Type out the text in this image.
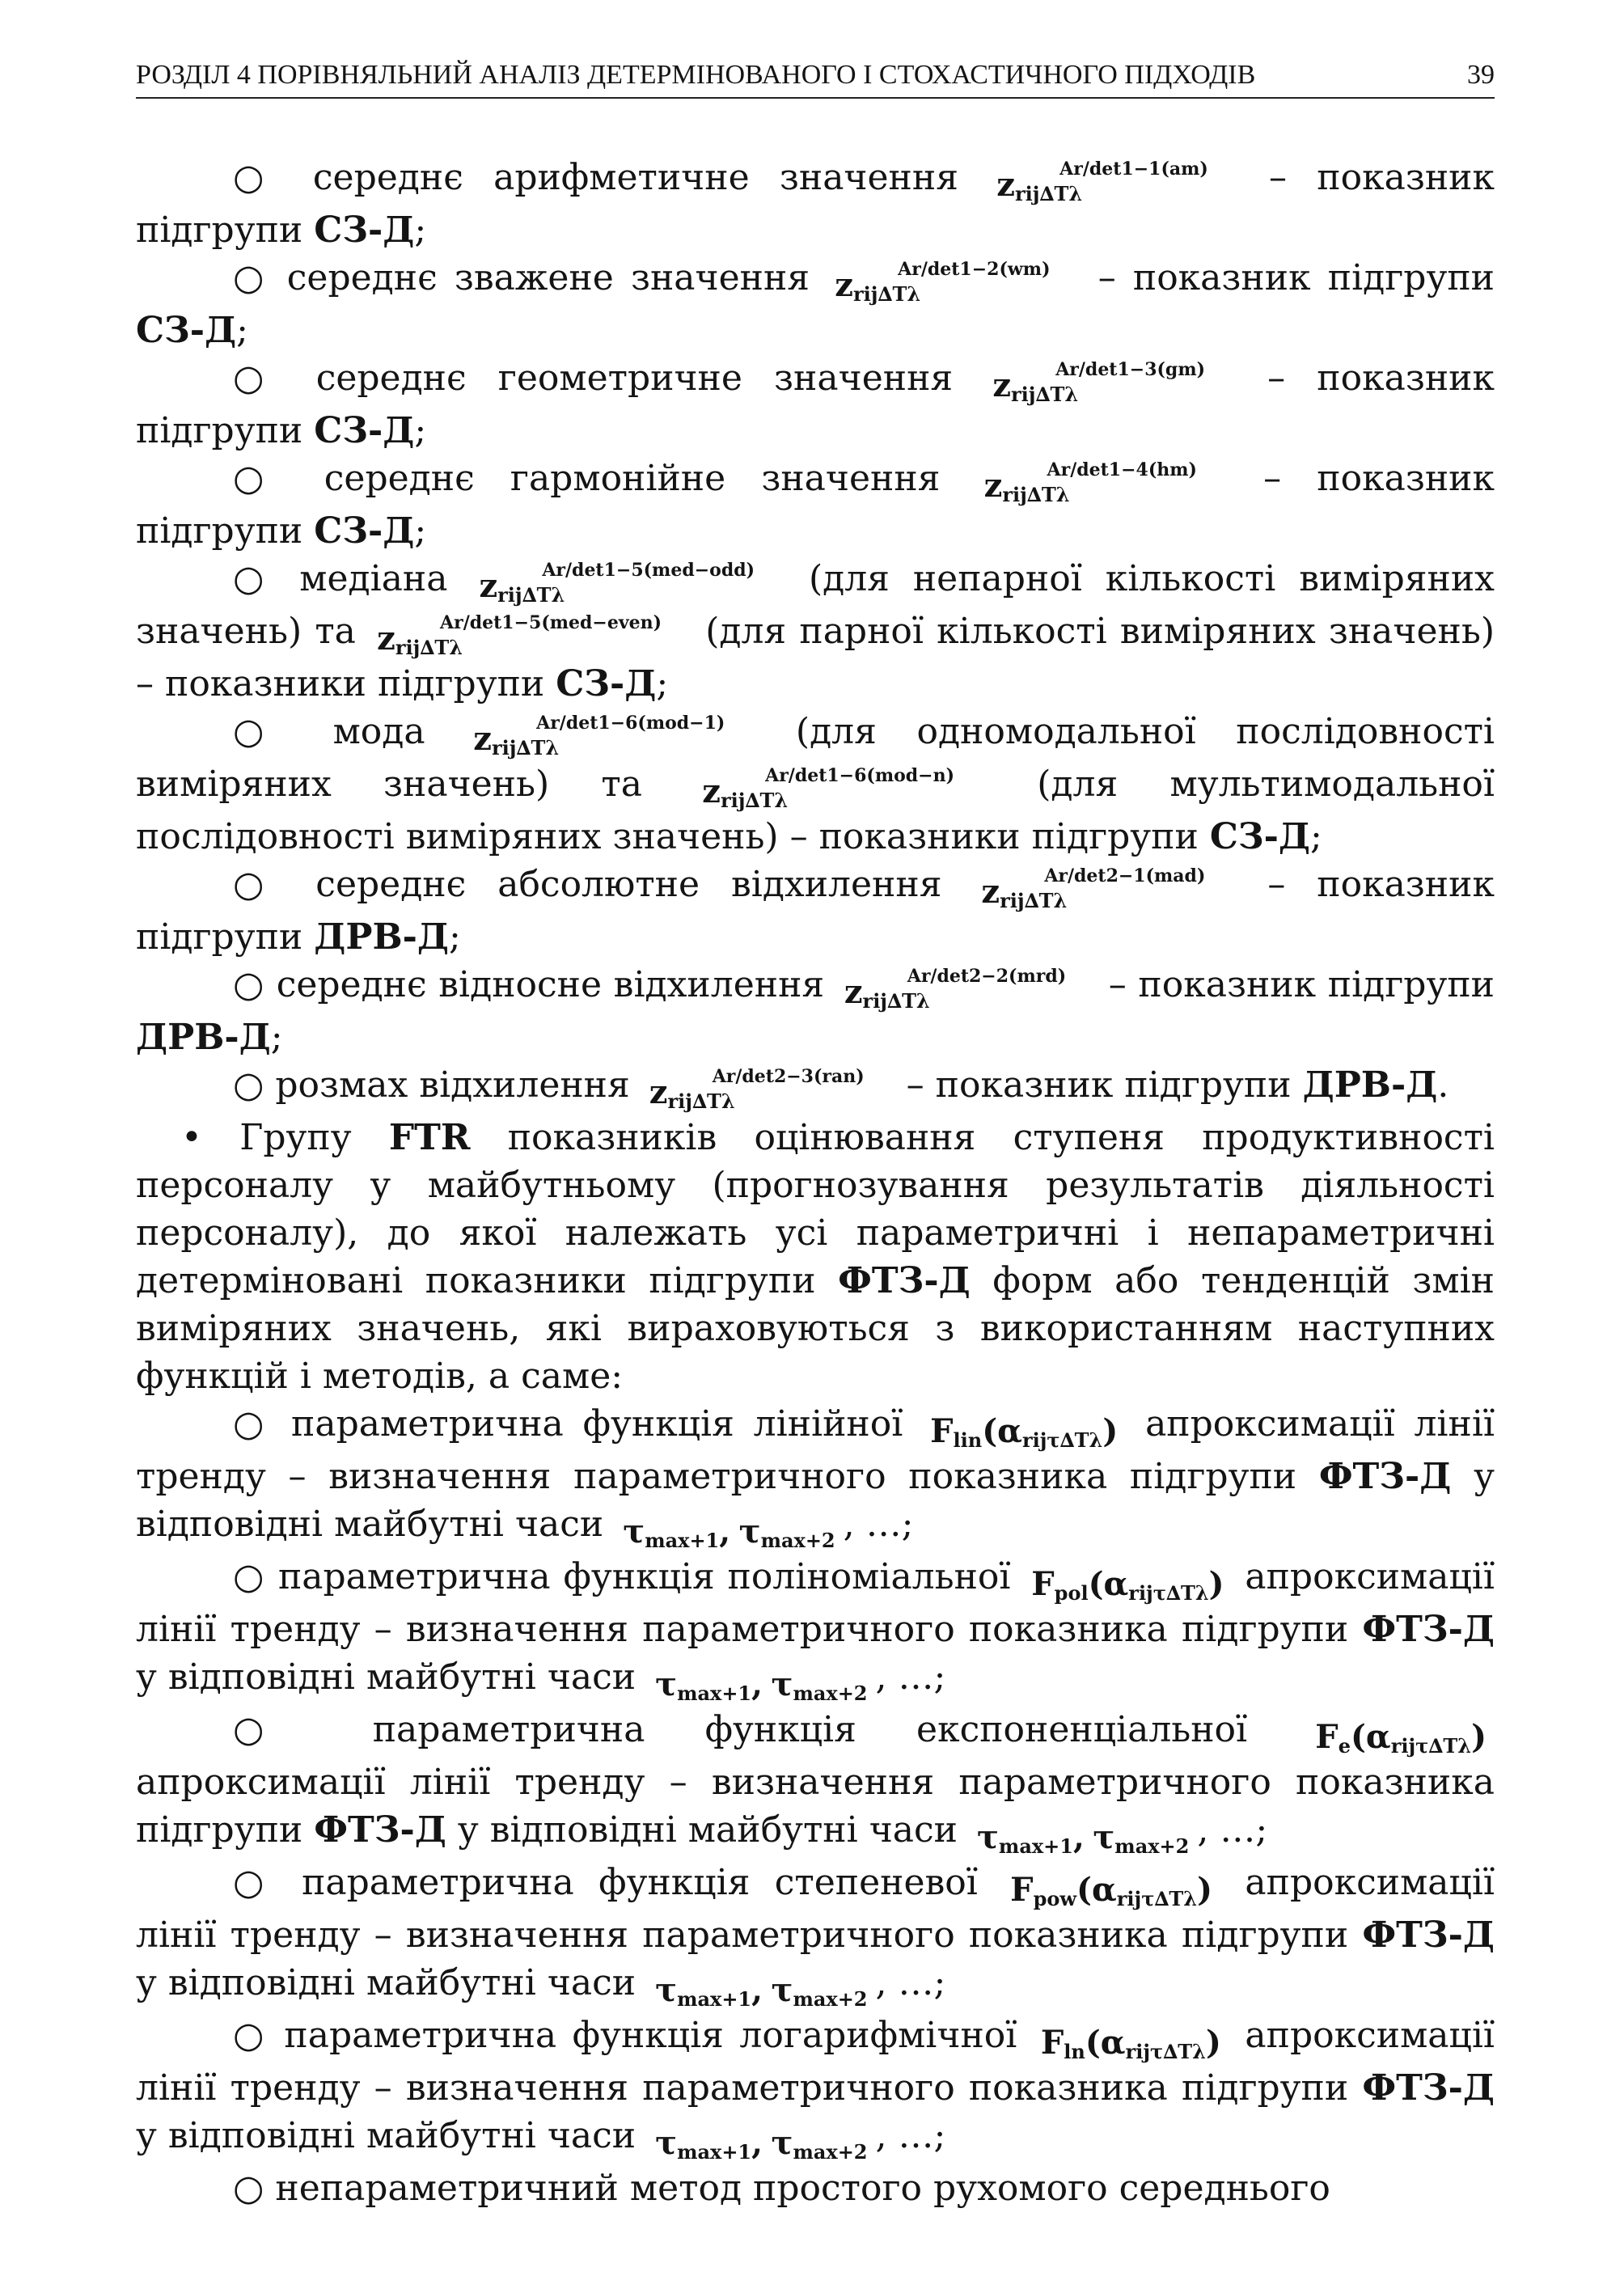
РОЗДІЛ 4 ПОРІВНЯЛЬНИЙ АНАЛІЗ ДЕТЕРМІНОВАНОГО І СТОХАСТИЧНОГО ПІДХОДІВ	39

○ середнє арифметичне значення $z_{rij\Delta T\lambda}^{Ar/det1-1(am)}$ – показник підгрупи СЗ-Д;

○ середнє зважене значення $z_{rij\Delta T\lambda}^{Ar/det1-2(wm)}$ – показник підгрупи СЗ-Д;

○ середнє геометричне значення $z_{rij\Delta T\lambda}^{Ar/det1-3(gm)}$ – показник підгрупи СЗ-Д;

○ середнє гармонійне значення $z_{rij\Delta T\lambda}^{Ar/det1-4(hm)}$ – показник підгрупи СЗ-Д;

○ медіана $z_{rij\Delta T\lambda}^{Ar/det1-5(med-odd)}$ (для непарної кількості виміряних значень) та $z_{rij\Delta T\lambda}^{Ar/det1-5(med-even)}$ (для парної кількості виміряних значень) – показники підгрупи СЗ-Д;

○ мода $z_{rij\Delta T\lambda}^{Ar/det1-6(mod-1)}$ (для одномодальної послідовності виміряних значень) та $z_{rij\Delta T\lambda}^{Ar/det1-6(mod-n)}$ (для мультимодальної послідовності виміряних значень) – показники підгрупи СЗ-Д;

○ середнє абсолютне відхилення $z_{rij\Delta T\lambda}^{Ar/det2-1(mad)}$ – показник підгрупи ДРВ-Д;

○ середнє відносне відхилення $z_{rij\Delta T\lambda}^{Ar/det2-2(mrd)}$ – показник підгрупи ДРВ-Д;

○ розмах відхилення $z_{rij\Delta T\lambda}^{Ar/det2-3(ran)}$ – показник підгрупи ДРВ-Д.

• Групу FTR показників оцінювання ступеня продуктивності персоналу у майбутньому (прогнозування результатів діяльності персоналу), до якої належать усі параметричні і непараметричні детерміновані показники підгрупи ФТЗ-Д форм або тенденцій змін виміряних значень, які вираховуються з використанням наступних функцій і методів, а саме:

○ параметрична функція лінійної $F_{lin}(\alpha_{rij\tau\Delta T\lambda})$ апроксимації лінії тренду – визначення параметричного показника підгрупи ФТЗ-Д у відповідні майбутні часи $\tau_{max+1}$, $\tau_{max+2}$ , …;

○ параметрична функція поліноміальної $F_{pol}(\alpha_{rij\tau\Delta T\lambda})$ апроксимації лінії тренду – визначення параметричного показника підгрупи ФТЗ-Д у відповідні майбутні часи $\tau_{max+1}$, $\tau_{max+2}$ , …;

○ параметрична функція експоненціальної $F_e(\alpha_{rij\tau\Delta T\lambda})$ апроксимації лінії тренду – визначення параметричного показника підгрупи ФТЗ-Д у відповідні майбутні часи $\tau_{max+1}$, $\tau_{max+2}$ , …;

○ параметрична функція степеневої $F_{pow}(\alpha_{rij\tau\Delta T\lambda})$ апроксимації лінії тренду – визначення параметричного показника підгрупи ФТЗ-Д у відповідні майбутні часи $\tau_{max+1}$, $\tau_{max+2}$ , …;

○ параметрична функція логарифмічної $F_{ln}(\alpha_{rij\tau\Delta T\lambda})$ апроксимації лінії тренду – визначення параметричного показника підгрупи ФТЗ-Д у відповідні майбутні часи $\tau_{max+1}$, $\tau_{max+2}$ , …;

○ непараметричний метод простого рухомого середнього
